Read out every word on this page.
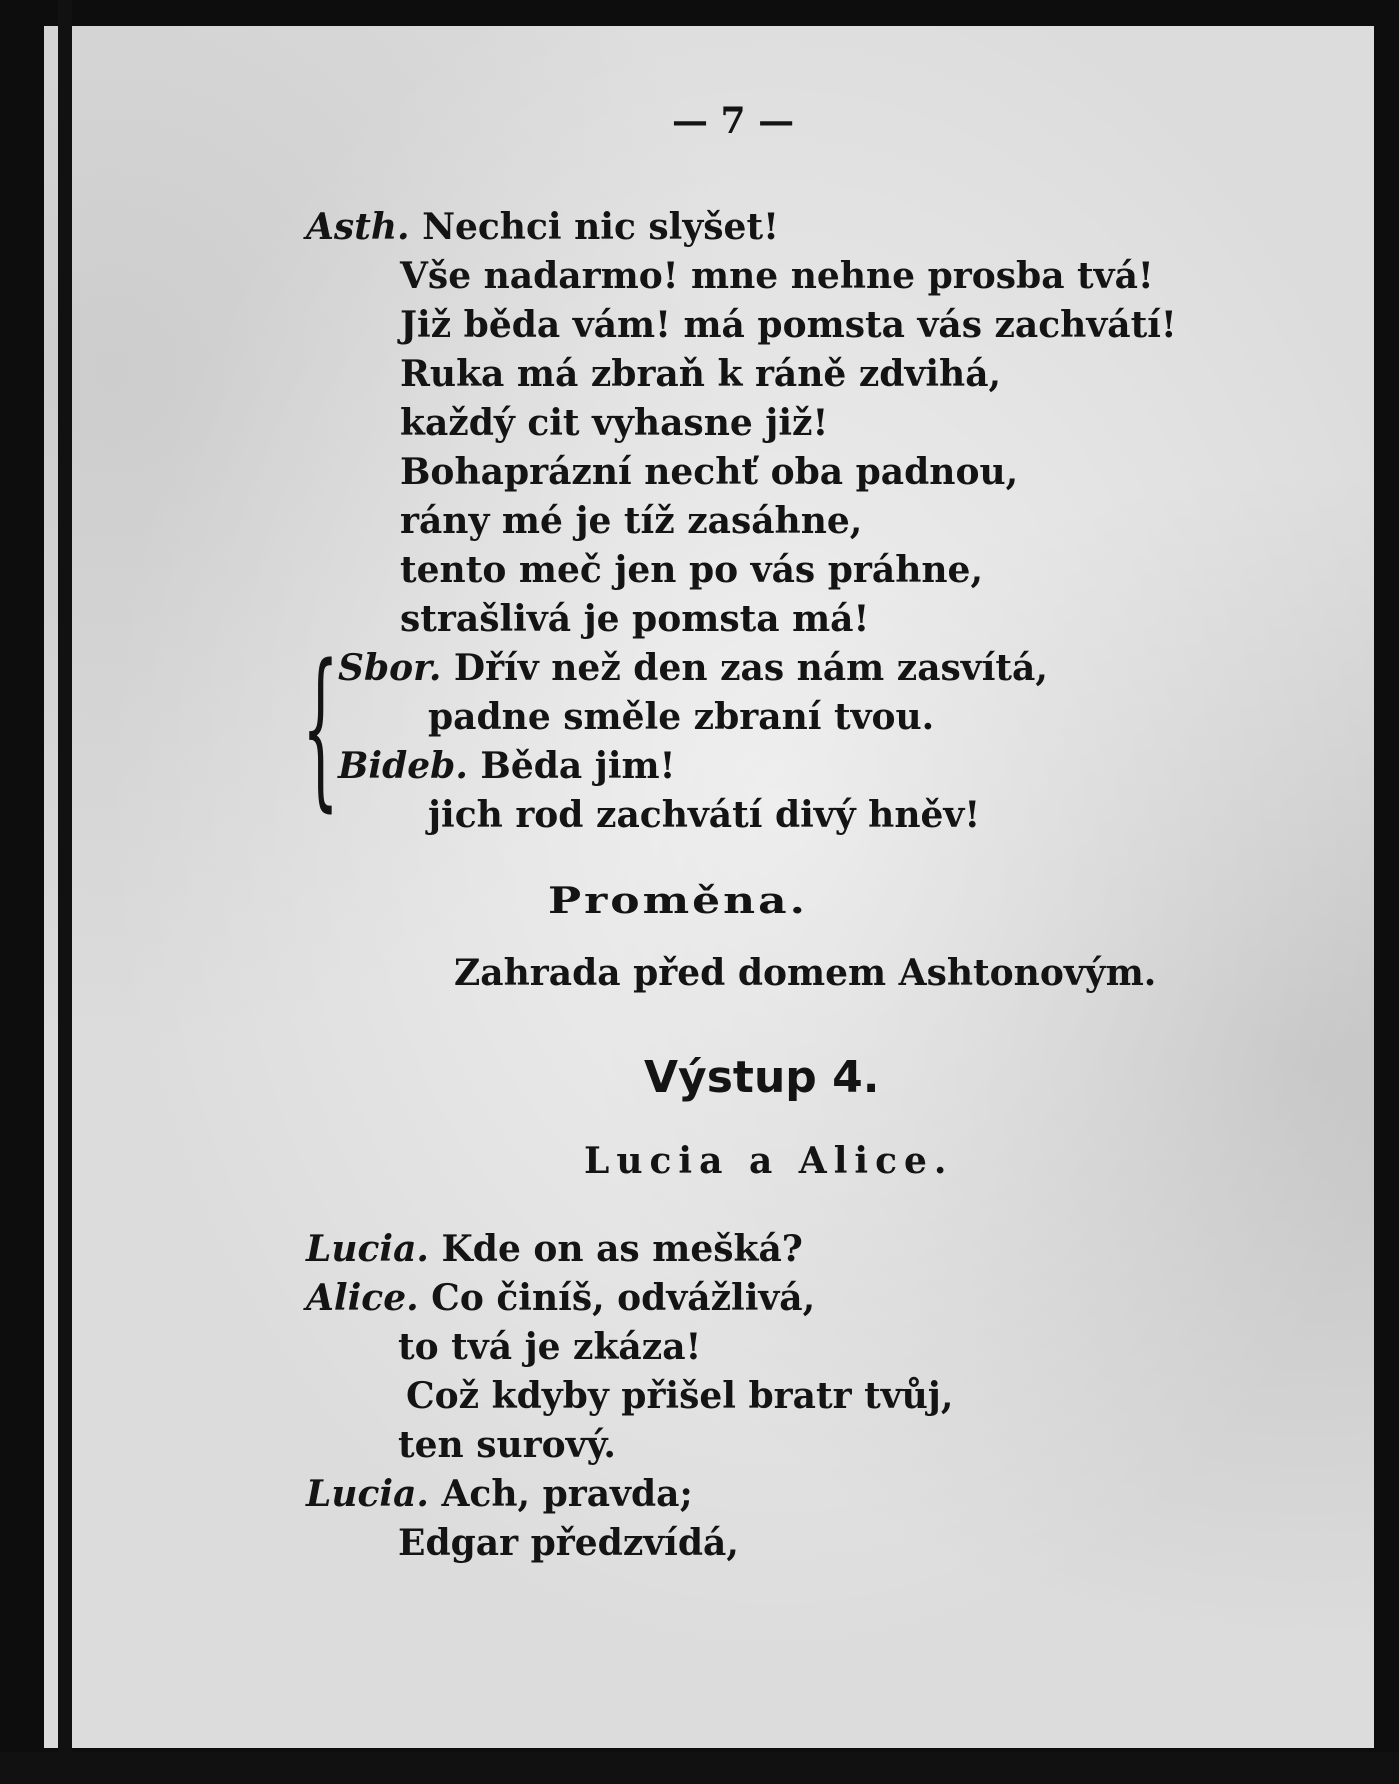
— 7 —
Asth. Nechci nic slyšet!
Vše nadarmo! mne nehne prosba tvá!
Již běda vám! má pomsta vás zachvátí!
Ruka má zbraň k ráně zdvihá,
každý cit vyhasne již!
Bohaprázní nechť oba padnou,
rány mé je tíž zasáhne,
tento meč jen po vás práhne,
strašlivá je pomsta má!
{ Sbor. Dřív než den zas nám zasvítá,
padne směle zbraní tvou.
Bideb. Běda jim!
jich rod zachvátí divý hněv!
Proměna.
Zahrada před domem Ashtonovým.
Výstup 4.
Lucia a Alice.
Lucia. Kde on as mešká?
Alice. Co činíš, odvážlivá,
to tvá je zkáza!
Což kdyby přišel bratr tvůj,
ten surový.
Lucia. Ach, pravda;
Edgar předzvídá,
